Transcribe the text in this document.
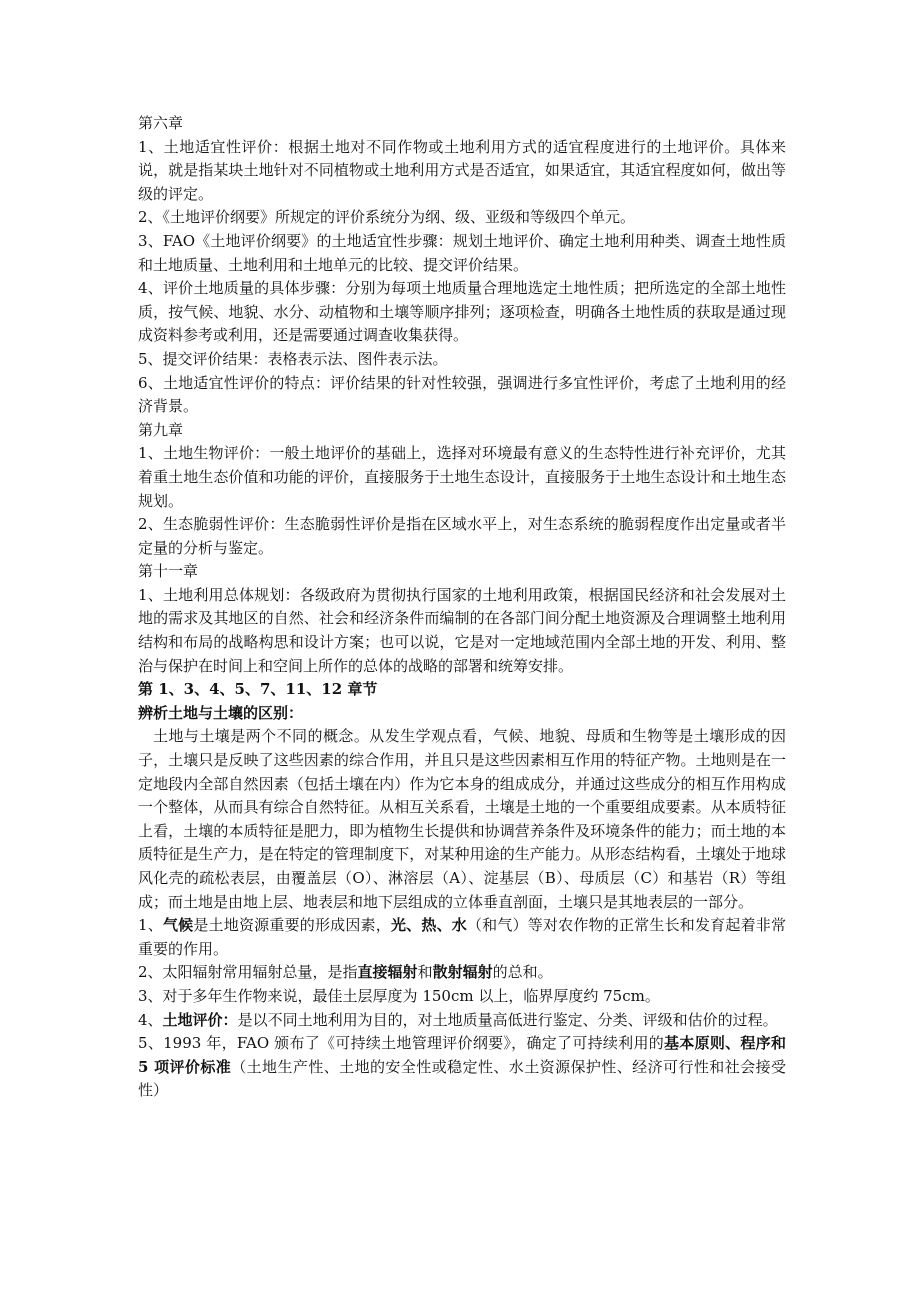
第六章

1、土地适宜性评价：根据土地对不同作物或土地利用方式的适宜程度进行的土地评价。具体来说，就是指某块土地针对不同植物或土地利用方式是否适宜，如果适宜，其适宜程度如何，做出等级的评定。

2、《土地评价纲要》所规定的评价系统分为纲、级、亚级和等级四个单元。

3、FAO《土地评价纲要》的土地适宜性步骤：规划土地评价、确定土地利用种类、调查土地性质和土地质量、土地利用和土地单元的比较、提交评价结果。

4、评价土地质量的具体步骤：分别为每项土地质量合理地选定土地性质；把所选定的全部土地性质，按气候、地貌、水分、动植物和土壤等顺序排列；逐项检查，明确各土地性质的获取是通过现成资料参考或利用，还是需要通过调查收集获得。

5、提交评价结果：表格表示法、图件表示法。

6、土地适宜性评价的特点：评价结果的针对性较强，强调进行多宜性评价，考虑了土地利用的经济背景。

第九章

1、土地生物评价：一般土地评价的基础上，选择对环境最有意义的生态特性进行补充评价，尤其着重土地生态价值和功能的评价，直接服务于土地生态设计，直接服务于土地生态设计和土地生态规划。

2、生态脆弱性评价：生态脆弱性评价是指在区域水平上，对生态系统的脆弱程度作出定量或者半定量的分析与鉴定。

第十一章

1、土地利用总体规划：各级政府为贯彻执行国家的土地利用政策，根据国民经济和社会发展对土地的需求及其地区的自然、社会和经济条件而编制的在各部门间分配土地资源及合理调整土地利用结构和布局的战略构思和设计方案；也可以说，它是对一定地域范围内全部土地的开发、利用、整治与保护在时间上和空间上所作的总体的战略的部署和统筹安排。

第 1、3、4、5、7、11、12 章节

辨析土地与土壤的区别：

土地与土壤是两个不同的概念。从发生学观点看，气候、地貌、母质和生物等是土壤形成的因子，土壤只是反映了这些因素的综合作用，并且只是这些因素相互作用的特征产物。土地则是在一定地段内全部自然因素（包括土壤在内）作为它本身的组成成分，并通过这些成分的相互作用构成一个整体，从而具有综合自然特征。从相互关系看，土壤是土地的一个重要组成要素。从本质特征上看，土壤的本质特征是肥力，即为植物生长提供和协调营养条件及环境条件的能力；而土地的本质特征是生产力，是在特定的管理制度下，对某种用途的生产能力。从形态结构看，土壤处于地球风化壳的疏松表层，由覆盖层（O）、淋溶层（A）、淀基层（B）、母质层（C）和基岩（R）等组成；而土地是由地上层、地表层和地下层组成的立体垂直剖面，土壤只是其地表层的一部分。

1、气候是土地资源重要的形成因素，光、热、水（和气）等对农作物的正常生长和发育起着非常重要的作用。

2、太阳辐射常用辐射总量，是指直接辐射和散射辐射的总和。

3、对于多年生作物来说，最佳土层厚度为 150cm 以上，临界厚度约 75cm。

4、土地评价：是以不同土地利用为目的，对土地质量高低进行鉴定、分类、评级和估价的过程。

5、1993 年，FAO 颁布了《可持续土地管理评价纲要》，确定了可持续利用的基本原则、程序和 5 项评价标准（土地生产性、土地的安全性或稳定性、水土资源保护性、经济可行性和社会接受性）
